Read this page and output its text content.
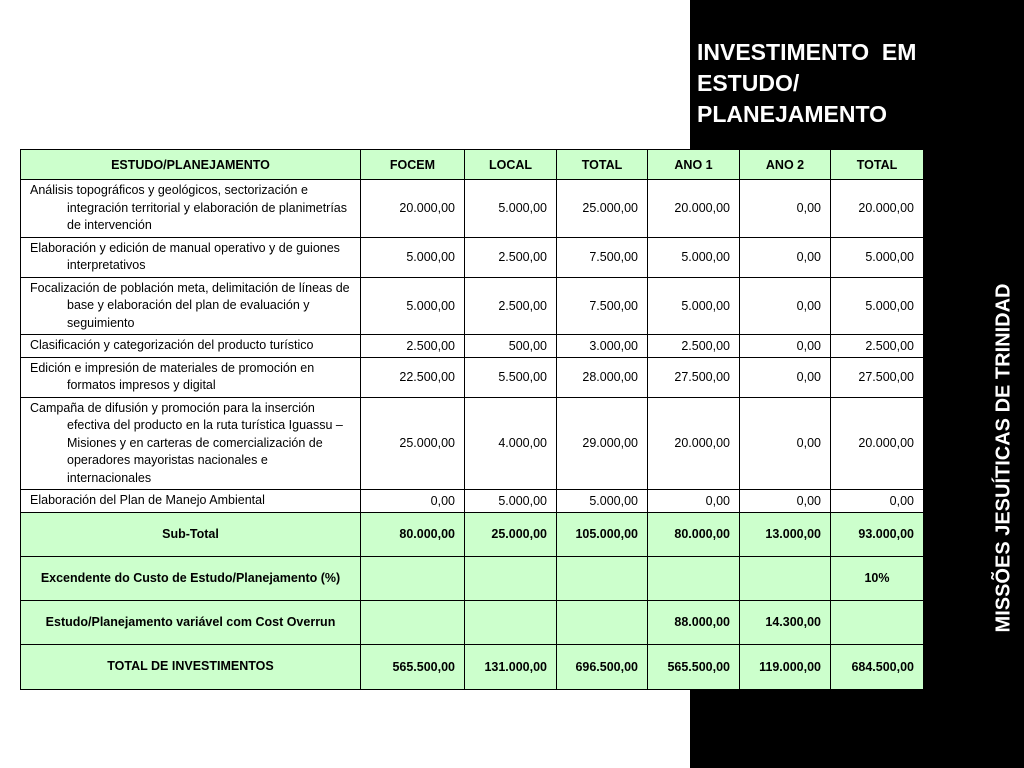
INVESTIMENTO  EM
ESTUDO/
PLANEJAMENTO
MISSÕES JESUÍTICAS DE TRINIDAD
ESTUDO/PLANEJAMENTO	FOCEM	LOCAL	TOTAL	ANO 1	ANO 2	TOTAL

Análisis topográficos y geológicos, sectorización e integración territorial y elaboración de planimetrías de intervención	20.000,00	5.000,00	25.000,00	20.000,00	0,00	20.000,00

Elaboración y edición de manual operativo y de guiones interpretativos	5.000,00	2.500,00	7.500,00	5.000,00	0,00	5.000,00

Focalización de población meta, delimitación de líneas de base y elaboración del plan de evaluación y seguimiento	5.000,00	2.500,00	7.500,00	5.000,00	0,00	5.000,00

Clasificación y categorización del producto turístico	2.500,00	500,00	3.000,00	2.500,00	0,00	2.500,00

Edición e impresión de materiales de promoción en formatos impresos y digital	22.500,00	5.500,00	28.000,00	27.500,00	0,00	27.500,00

Campaña de difusión y promoción para la inserción efectiva del producto en la ruta turística Iguassu – Misiones y en carteras de comercialización de operadores mayoristas nacionales e internacionales	25.000,00	4.000,00	29.000,00	20.000,00	0,00	20.000,00

Elaboración del Plan de Manejo Ambiental	0,00	5.000,00	5.000,00	0,00	0,00	0,00
Sub-Total	80.000,00	25.000,00	105.000,00	80.000,00	13.000,00	93.000,00
Excendente do Custo de Estudo/Planejamento (%)						10%
Estudo/Planejamento variável com Cost Overrun				88.000,00	14.300,00	
TOTAL DE INVESTIMENTOS	565.500,00	131.000,00	696.500,00	565.500,00	119.000,00	684.500,00
